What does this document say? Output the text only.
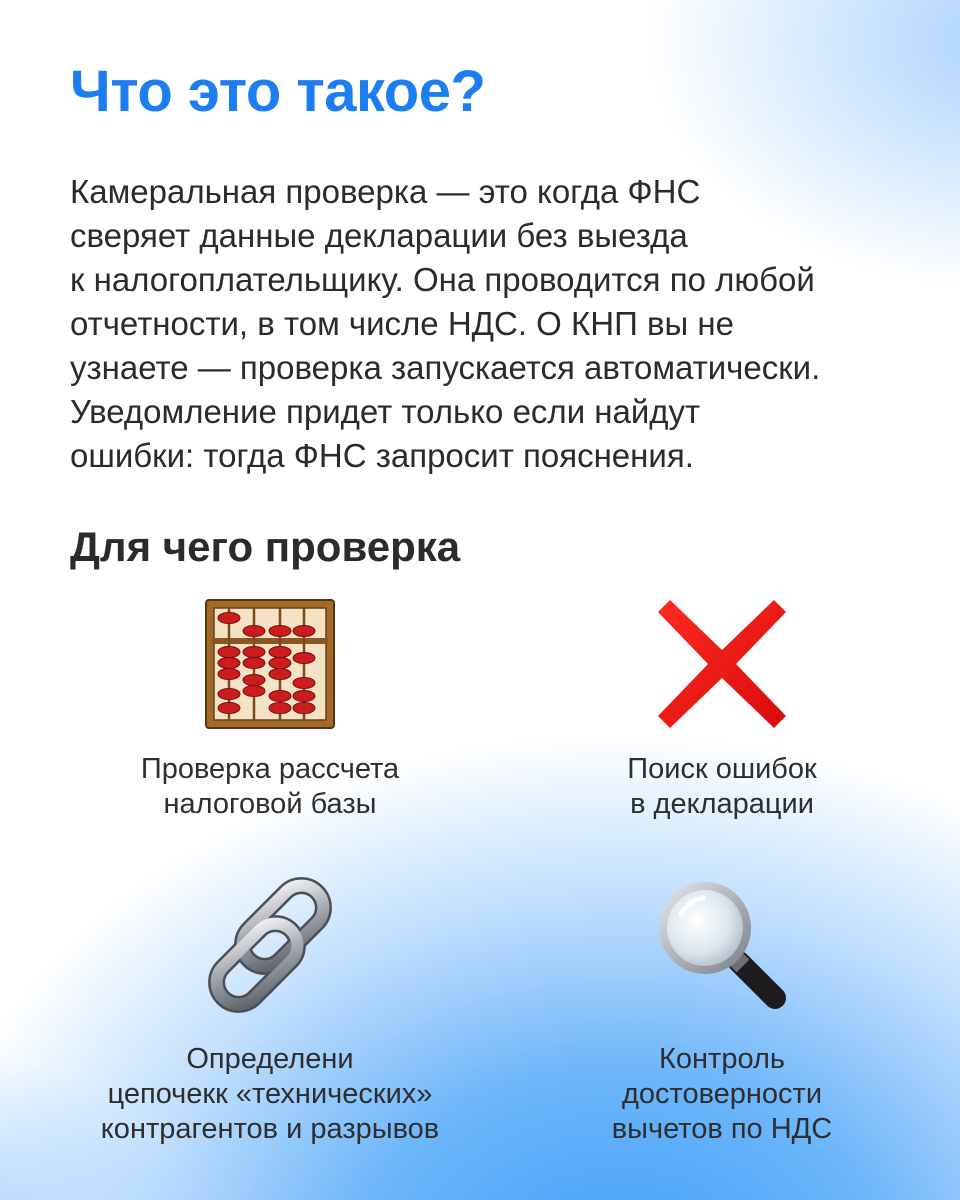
Что это такое?

Камеральная проверка — это когда ФНС
сверяет данные декларации без выезда
к налогоплательщику. Она проводится по любой
отчетности, в том числе НДС. О КНП вы не
узнаете — проверка запускается автоматически.
Уведомление придет только если найдут
ошибки: тогда ФНС запросит пояснения.

Для чего проверка
Проверка рассчета
налоговой базы
Поиск ошибок
в декларации
Определени
цепочекк «технических»
контрагентов и разрывов
Контроль
достоверности
вычетов по НДС
